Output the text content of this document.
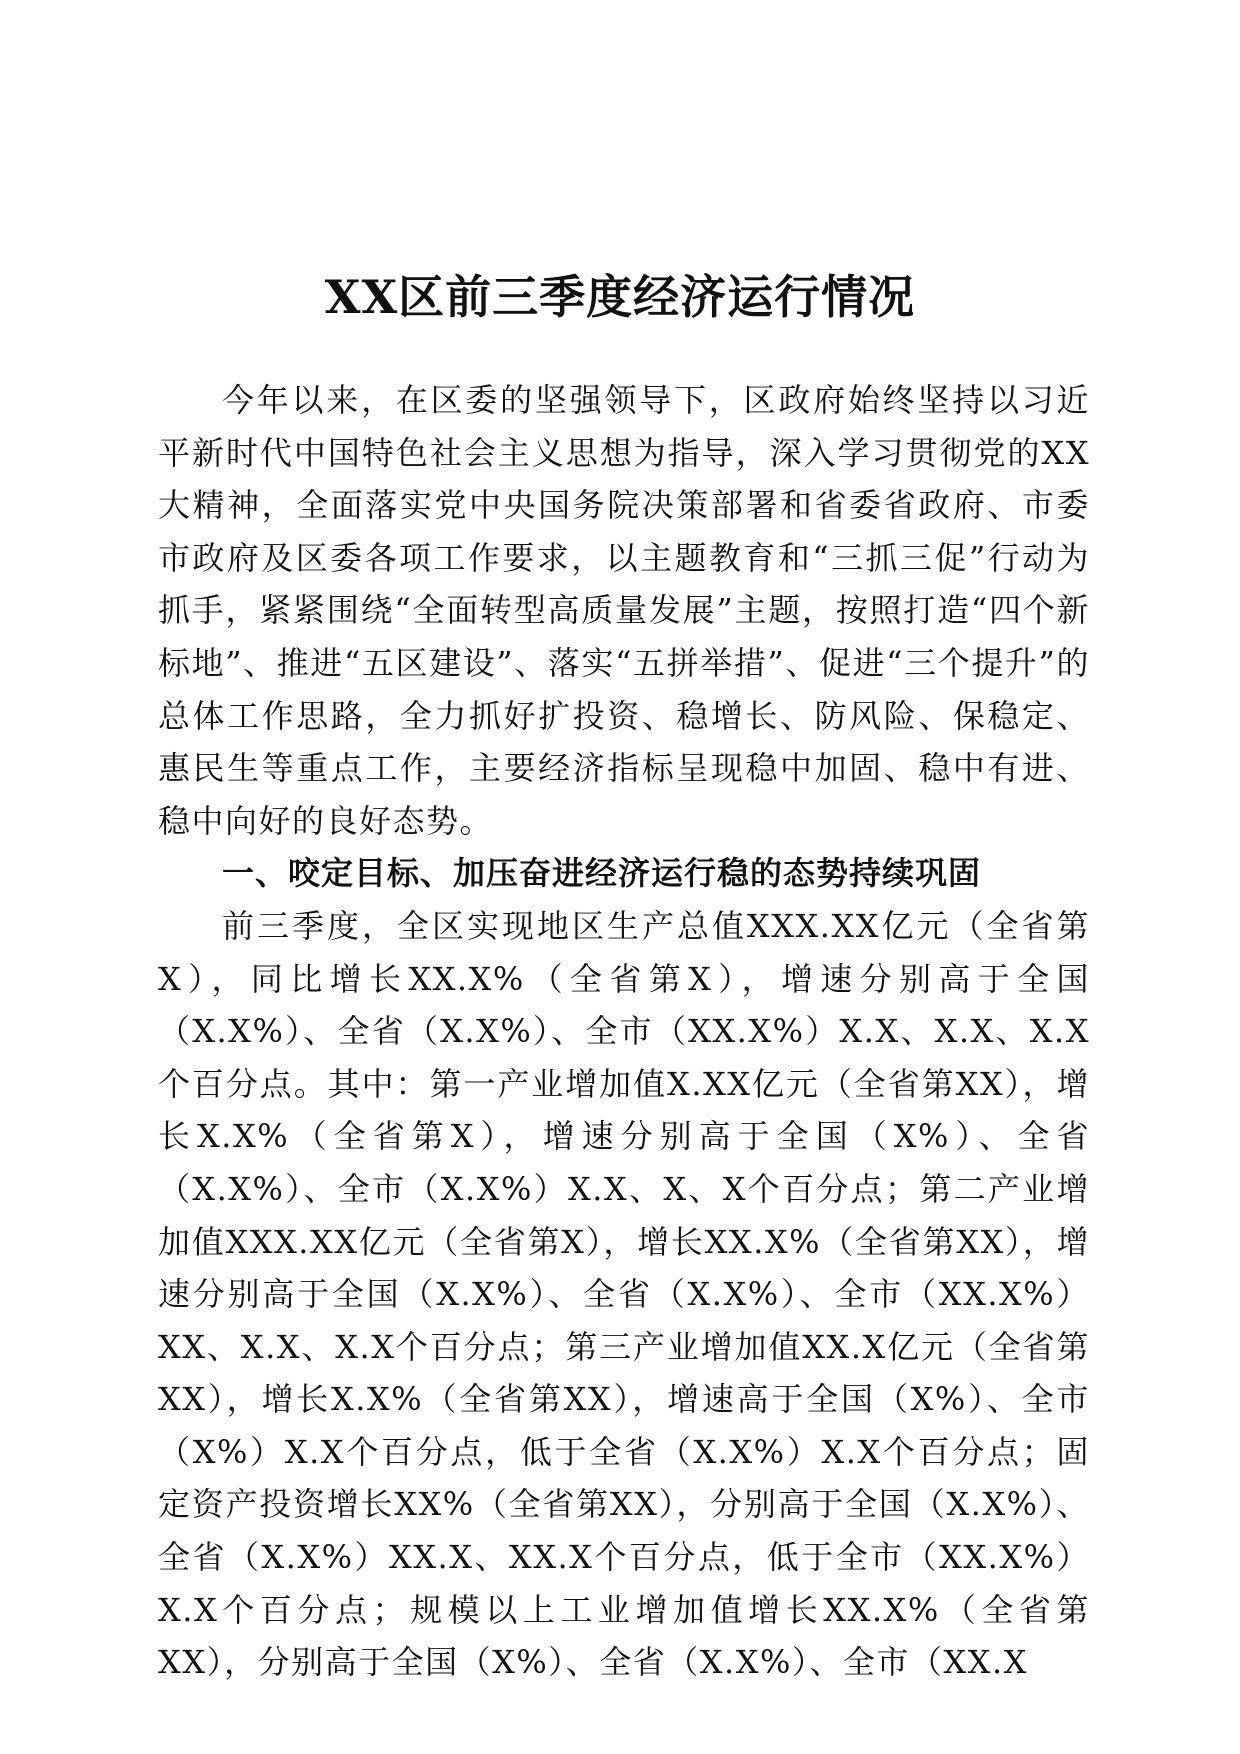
XX区前三季度经济运行情况

今年以来，在区委的坚强领导下，区政府始终坚持以习近平新时代中国特色社会主义思想为指导，深入学习贯彻党的XX大精神，全面落实党中央国务院决策部署和省委省政府、市委市政府及区委各项工作要求，以主题教育和“三抓三促”行动为抓手，紧紧围绕“全面转型高质量发展”主题，按照打造“四个新标地”、推进“五区建设”、落实“五拼举措”、促进“三个提升”的总体工作思路，全力抓好扩投资、稳增长、防风险、保稳定、惠民生等重点工作，主要经济指标呈现稳中加固、稳中有进、稳中向好的良好态势。

一、咬定目标、加压奋进经济运行稳的态势持续巩固

前三季度，全区实现地区生产总值XXX.XX亿元（全省第X），同比增长XX.X%（全省第X），增速分别高于全国（X.X%）、全省（X.X%）、全市（XX.X%）X.X、X.X、X.X个百分点。其中：第一产业增加值X.XX亿元（全省第XX），增长X.X%（全省第X），增速分别高于全国（X%）、全省（X.X%）、全市（X.X%）X.X、X、X个百分点；第二产业增加值XXX.XX亿元（全省第X），增长XX.X%（全省第XX），增速分别高于全国（X.X%）、全省（X.X%）、全市（XX.X%）XX、X.X、X.X个百分点；第三产业增加值XX.X亿元（全省第XX），增长X.X%（全省第XX），增速高于全国（X%）、全市（X%）X.X个百分点，低于全省（X.X%）X.X个百分点；固定资产投资增长XX%（全省第XX），分别高于全国（X.X%）、全省（X.X%）XX.X、XX.X个百分点，低于全市（XX.X%）X.X个百分点；规模以上工业增加值增长XX.X%（全省第XX），分别高于全国（X%）、全省（X.X%）、全市（XX.X
